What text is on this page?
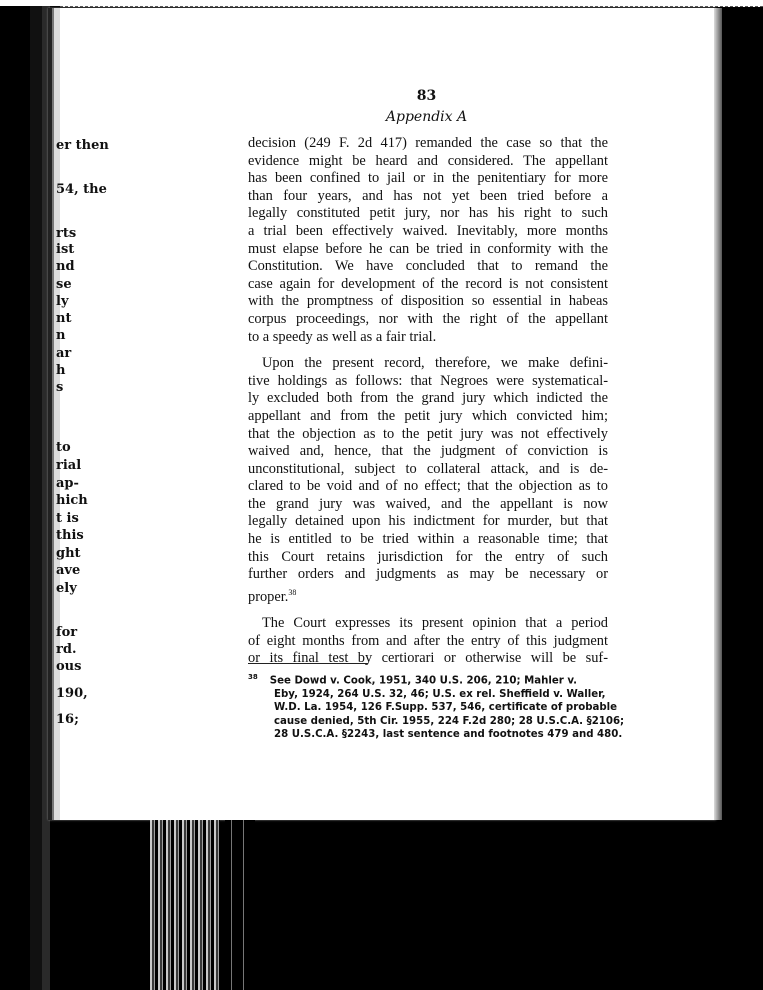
er then
54, the
rts
ist
nd
se
ly
nt
n
ar
h
s
to
rial
ap-
hich
t is
this
ght
ave
ely
for
rd.
ous
190,
16;
83
Appendix A

decision (249 F. 2d 417) remanded the case so that the
evidence might be heard and considered. The appellant
has been confined to jail or in the penitentiary for more
than four years, and has not yet been tried before a
legally constituted petit jury, nor has his right to such
a trial been effectively waived. Inevitably, more months
must elapse before he can be tried in conformity with the
Constitution. We have concluded that to remand the
case again for development of the record is not consistent
with the promptness of disposition so essential in habeas
corpus proceedings, nor with the right of the appellant
to a speedy as well as a fair trial.

Upon the present record, therefore, we make defini-
tive holdings as follows: that Negroes were systematical-
ly excluded both from the grand jury which indicted the
appellant and from the petit jury which convicted him;
that the objection as to the petit jury was not effectively
waived and, hence, that the judgment of conviction is
unconstitutional, subject to collateral attack, and is de-
clared to be void and of no effect; that the objection as to
the grand jury was waived, and the appellant is now
legally detained upon his indictment for murder, but that
he is entitled to be tried within a reasonable time; that
this Court retains jurisdiction for the entry of such
further orders and judgments as may be necessary or
proper.$^{38}$

The Court expresses its present opinion that a period
of eight months from and after the entry of this judgment
or its final test by certiorari or otherwise will be suf-

$^{38}$ See Dowd v. Cook, 1951, 340 U.S. 206, 210; Mahler v.
Eby, 1924, 264 U.S. 32, 46; U.S. ex rel. Sheffield v. Waller,
W.D. La. 1954, 126 F.Supp. 537, 546, certificate of probable
cause denied, 5th Cir. 1955, 224 F.2d 280; 28 U.S.C.A. §2106;
28 U.S.C.A. §2243, last sentence and footnotes 479 and 480.
